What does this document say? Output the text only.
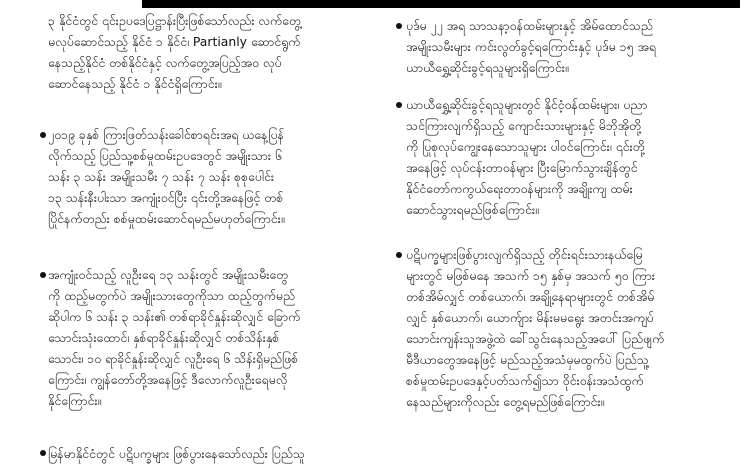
၃ နိုင်ငံတွင် ၎င်းဥပဒေပြဋ္ဌာန်းပြီးဖြစ်သော်လည်း လက်တွေ့
မလုပ်ဆောင်သည့် နိုင်ငံ ၁ နိုင်ငံ၊ Partianly ဆောင်ရွက်
နေသည့်နိုင်ငံ တစ်နိုင်ငံနှင့် လက်တွေ့အပြည့်အဝ လုပ်
ဆောင်နေသည့် နိုင်ငံ ၁ နိုင်ငံရှိကြောင်း။
၂၀၁၉ ခုနှစ် ကြားဖြတ်သန်းခေါင်စာရင်းအရ ယနေ့ပြန်
လိုက်သည့် ပြည်သူ့စစ်မှုထမ်းဥပဒေတွင် အမျိုးသား ၆
သန်း ၃ သန်း အမျိုးသမီး ၇ သန်း ၇ သန်း စုစုပေါင်း
၁၃ သန်းနီးပါးသာ အကျုံးဝင်ပြီး ၎င်းတို့အနေဖြင့် တစ်
ပြိုင်နက်တည်း စစ်မှုထမ်းဆောင်ရမည်မဟုတ်ကြောင်း။
အကျုံးဝင်သည့် လူဦးရေ ၁၃ သန်းတွင် အမျိုးသမီးတွေ
ကို ထည့်မတွက်ပဲ အမျိုးသားတွေကိုသာ ထည့်တွက်မည်
ဆိုပါက ၆ သန်း ၃ သန်း၏ တစ်ရာခိုင်နှုန်းဆိုလျှင် ခြောက်
သောင်းသုံးထောင်၊ နှစ်ရာခိုင်နှုန်းဆိုလျှင် တစ်သိန်းနှစ်
သောင်း၊ ၁၀ ရာခိုင်နှုန်းဆိုလျှင် လူဦးရေ ၆ သိန်းရှိမည်ဖြစ်
ကြောင်း၊ ကျွန်တော်တို့အနေဖြင့် ဒီလောက်လူဦးရေမလို
နိုင်ကြောင်း။
မြန်မာနိုင်ငံတွင် ပဋိပက္ခများ ဖြစ်ပွားနေသော်လည်း ပြည်သူ
ပုဒ်မ ၂၂ အရ သာသနာ့ဝန်ထမ်းများနှင့် အိမ်ထောင်သည်
အမျိုးသမီးများ ကင်းလွတ်ခွင့်ရကြောင်းနှင့် ပုဒ်မ ၁၅ အရ
ယာယီရွှေ့ဆိုင်းခွင့်ရသူများရှိကြောင်း။
ယာယီရွှေ့ဆိုင်းခွင့်ရသူများတွင် နိုင်ငံ့ဝန်ထမ်းများ၊ ပညာ
သင်ကြားလျက်ရှိသည့် ကျောင်းသားများနှင့် မိဘိုအိုတို့
ကို ပြုစုလုပ်ကျွေးနေသောသူများ ပါဝင်ကြောင်း၊ ၎င်းတို့
အနေဖြင့် လုပ်ငန်းတာဝန်များ ပြီးမြောက်သွားချိန်တွင်
နိုင်ငံတော်ကကွယ်ရေးတာဝန်များကို အချိုးကျ ထမ်း
ဆောင်သွားရမည်ဖြစ်ကြောင်း။
ပဋိပက္ခများဖြစ်ပွားလျက်ရှိသည့် တိုင်းရင်းသားနယ်မြေ
များတွင် မဖြစ်မနေ အသက် ၁၅ နှစ်မှ အသက် ၅၀ ကြား
တစ်အိမ်လျှင် တစ်ယောက်၊ အချို့နေရာများတွင် တစ်အိမ်
လျှင် နှစ်ယောက်၊ ယောက်ျား မိန်းမမရွေး အတင်းအကျပ်
သောင်းကျန်းသူအဖွဲ့ထဲ ခေါ်သွင်းနေသည့်အပေါ် ပြည်ဖျက်
မီဒီယာတွေအနေဖြင့် မည်သည့်အသံမှမထွက်ပဲ ပြည်သူ့
စစ်မှုထမ်းဥပဒေနှင့်ပတ်သက်၍သာ ဝိုင်းဝန်းအသံထွက်
နေသည်များကိုလည်း တွေ့ရမည်ဖြစ်ကြောင်း။
